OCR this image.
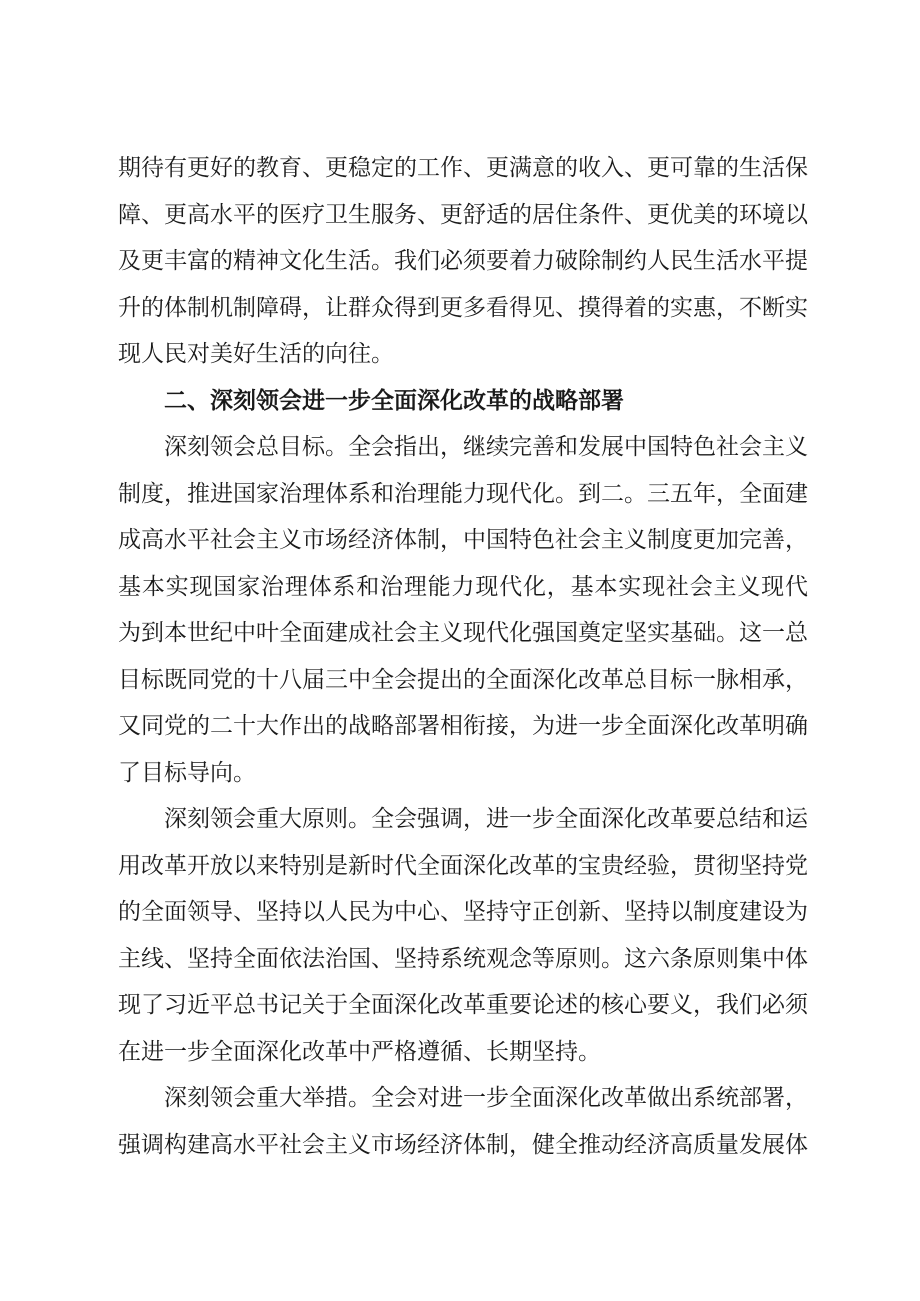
期待有更好的教育、更稳定的工作、更满意的收入、更可靠的生活保
障、更高水平的医疗卫生服务、更舒适的居住条件、更优美的环境以
及更丰富的精神文化生活。我们必须要着力破除制约人民生活水平提
升的体制机制障碍，让群众得到更多看得见、摸得着的实惠，不断实
现人民对美好生活的向往。
二、深刻领会进一步全面深化改革的战略部署
深刻领会总目标。全会指出，继续完善和发展中国特色社会主义
制度，推进国家治理体系和治理能力现代化。到二。三五年，全面建
成高水平社会主义市场经济体制，中国特色社会主义制度更加完善，
基本实现国家治理体系和治理能力现代化，基本实现社会主义现代
为到本世纪中叶全面建成社会主义现代化强国奠定坚实基础。这一总
目标既同党的十八届三中全会提出的全面深化改革总目标一脉相承，
又同党的二十大作出的战略部署相衔接，为进一步全面深化改革明确
了目标导向。
深刻领会重大原则。全会强调，进一步全面深化改革要总结和运
用改革开放以来特别是新时代全面深化改革的宝贵经验，贯彻坚持党
的全面领导、坚持以人民为中心、坚持守正创新、坚持以制度建设为
主线、坚持全面依法治国、坚持系统观念等原则。这六条原则集中体
现了习近平总书记关于全面深化改革重要论述的核心要义，我们必须
在进一步全面深化改革中严格遵循、长期坚持。
深刻领会重大举措。全会对进一步全面深化改革做出系统部署，
强调构建高水平社会主义市场经济体制，健全推动经济高质量发展体
